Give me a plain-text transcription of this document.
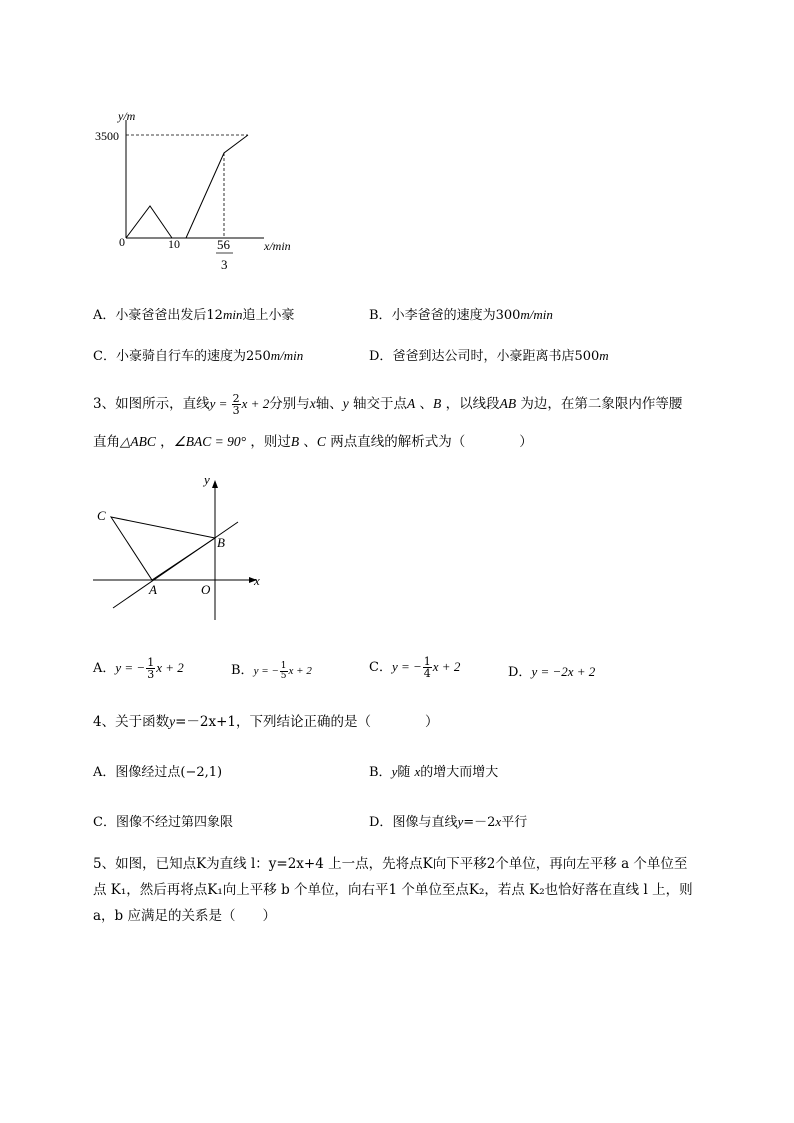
y/m
3500
0	10	56
3
x/min
A．小豪爸爸出发后12min追上小豪	B．小李爸爸的速度为300m/min
C．小豪骑自行车的速度为250m/min	D．爸爸到达公司时，小豪距离书店500m
3、如图所示，直线$y = \frac{2}{3}$ x + 2分别与x轴、y 轴交于点A 、B ，以线段AB 为边，在第二象限内作等腰
直角△ABC ，∠BAC = 90° ，则过B 、C 两点直线的解析式为（　　　　）
C
B
A	O
x
y
A．y = − $\frac{1}{3}$ x + 2	B．y = − $\frac{1}{5}$ x + 2	C．y = − $\frac{1}{4}$ x + 2	D．y = −2x + 2
4、关于函数y=－2x+1，下列结论正确的是（　　　　）
A．图像经过点(−2,1)	B．y随 x的增大而增大
C．图像不经过第四象限	D．图像与直线y=－2x平行
5、如图，已知点K为直线 l：y=2x+4 上一点，先将点K向下平移2个单位，再向左平移 a 个单位至
点 K₁，然后再将点K₁向上平移 b 个单位，向右平1 个单位至点K₂，若点 K₂也恰好落在直线 l 上，则
a，b 应满足的关系是（　　）
